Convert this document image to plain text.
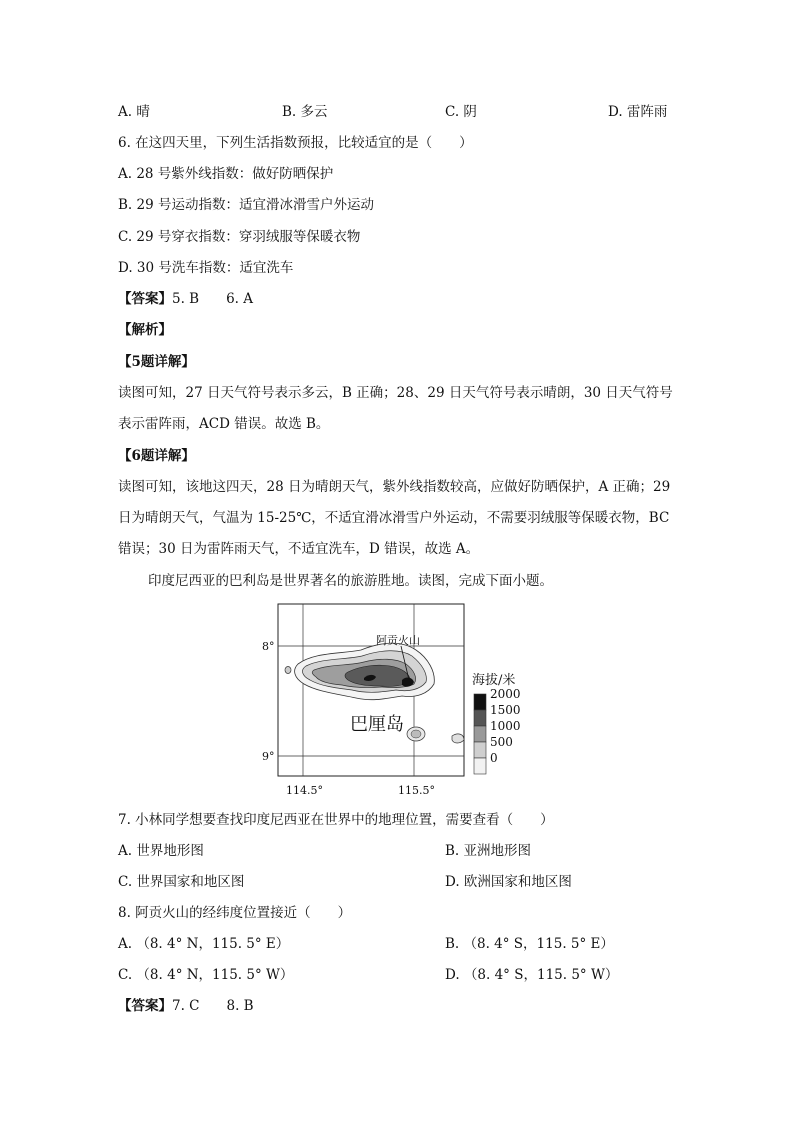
A. 晴	B. 多云	C. 阴	D. 雷阵雨
6. 在这四天里，下列生活指数预报，比较适宜的是（　　）
A. 28 号紫外线指数：做好防晒保护
B. 29 号运动指数：适宜滑冰滑雪户外运动
C. 29 号穿衣指数：穿羽绒服等保暖衣物
D. 30 号洗车指数：适宜洗车
【答案】5. B　　6. A
【解析】
【5题详解】
读图可知，27 日天气符号表示多云，B 正确；28、29 日天气符号表示晴朗，30 日天气符号
表示雷阵雨，ACD 错误。故选 B。
【6题详解】
读图可知，该地这四天，28 日为晴朗天气，紫外线指数较高，应做好防晒保护，A 正确；29
日为晴朗天气，气温为 15-25℃，不适宜滑冰滑雪户外运动，不需要羽绒服等保暖衣物，BC
错误；30 日为雷阵雨天气，不适宜洗车，D 错误，故选 A。
印度尼西亚的巴利岛是世界著名的旅游胜地。读图，完成下面小题。
阿贡火山
巴厘岛
8°
9°
114.5°	115.5°
海拔/米
2000
1500
1000
500
0
7. 小林同学想要查找印度尼西亚在世界中的地理位置，需要查看（　　）
A. 世界地形图	B. 亚洲地形图
C. 世界国家和地区图	D. 欧洲国家和地区图
8. 阿贡火山的经纬度位置接近（　　）
A. （8. 4° N，115. 5° E）	B. （8. 4° S，115. 5° E）
C. （8. 4° N，115. 5° W）	D. （8. 4° S，115. 5° W）
【答案】7. C　　8. B
